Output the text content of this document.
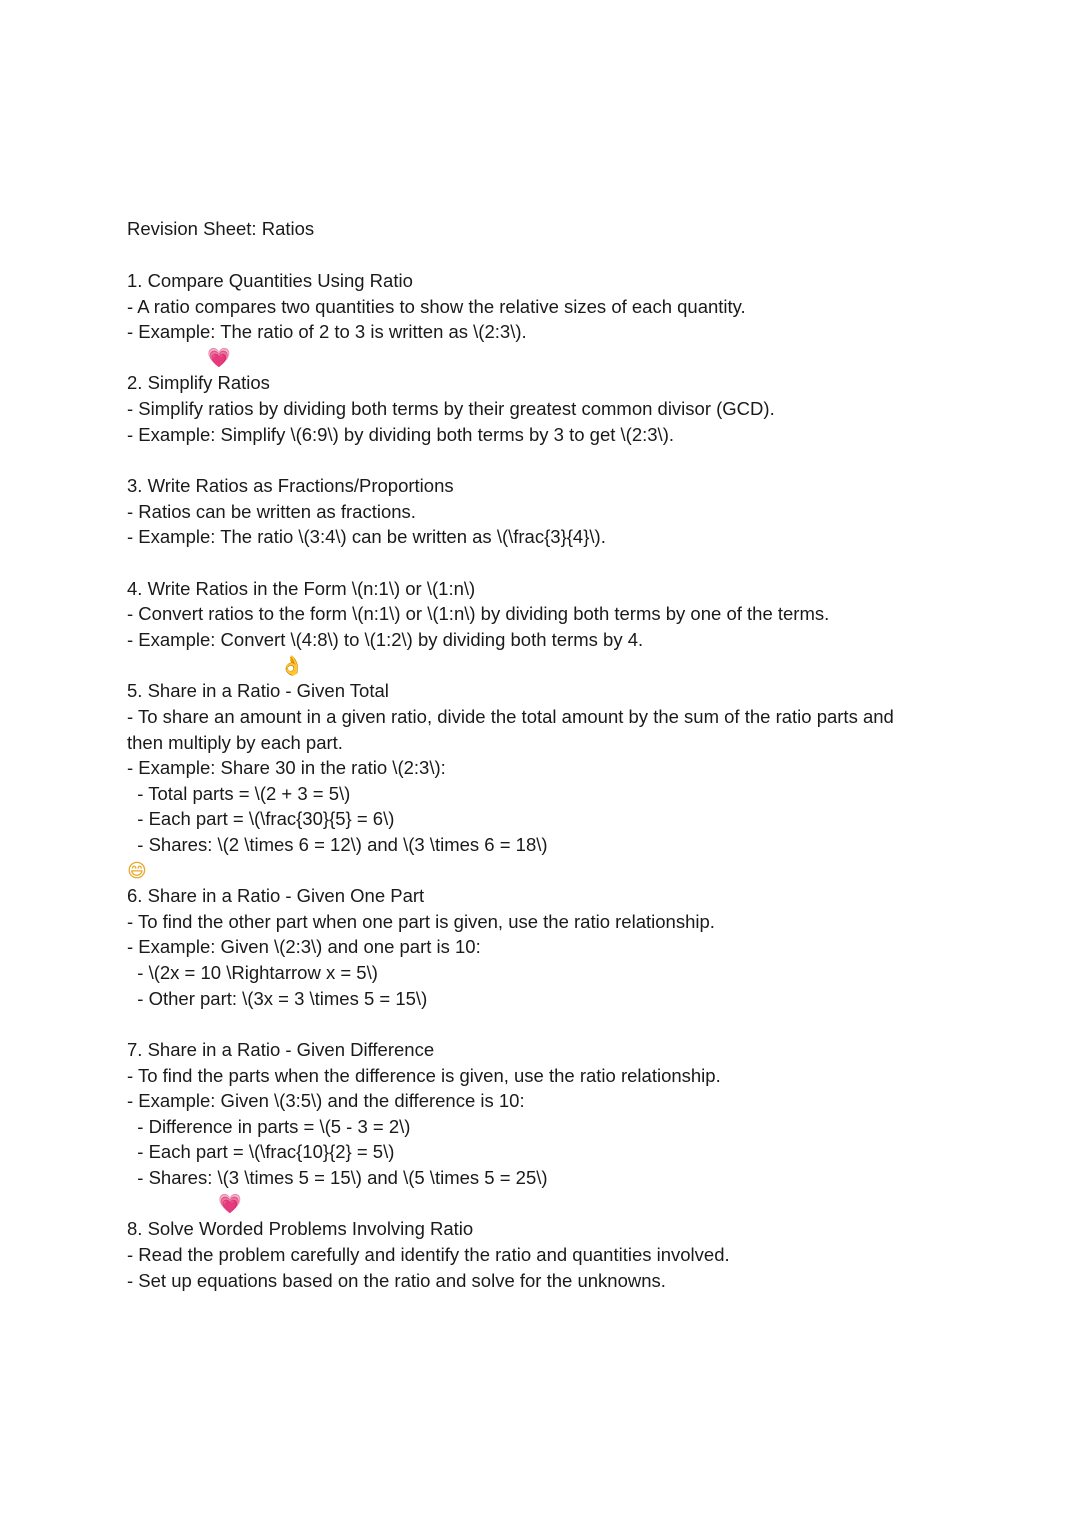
Revision Sheet: Ratios
1. Compare Quantities Using Ratio
- A ratio compares two quantities to show the relative sizes of each quantity.
- Example: The ratio of 2 to 3 is written as \(2:3\).
💗
2. Simplify Ratios
- Simplify ratios by dividing both terms by their greatest common divisor (GCD).
- Example: Simplify \(6:9\) by dividing both terms by 3 to get \(2:3\).
3. Write Ratios as Fractions/Proportions
- Ratios can be written as fractions.
- Example: The ratio \(3:4\) can be written as \(\frac{3}{4}\).
4. Write Ratios in the Form \(n:1\) or \(1:n\)
- Convert ratios to the form \(n:1\) or \(1:n\) by dividing both terms by one of the terms.
- Example: Convert \(4:8\) to \(1:2\) by dividing both terms by 4.
👌
5. Share in a Ratio - Given Total
- To share an amount in a given ratio, divide the total amount by the sum of the ratio parts and
then multiply by each part.
- Example: Share 30 in the ratio \(2:3\):
- Total parts = \(2 + 3 = 5\)
- Each part = \(\frac{30}{5} = 6\)
- Shares: \(2 \times 6 = 12\) and \(3 \times 6 = 18\)
😄
6. Share in a Ratio - Given One Part
- To find the other part when one part is given, use the ratio relationship.
- Example: Given \(2:3\) and one part is 10:
- \(2x = 10 \Rightarrow x = 5\)
- Other part: \(3x = 3 \times 5 = 15\)
7. Share in a Ratio - Given Difference
- To find the parts when the difference is given, use the ratio relationship.
- Example: Given \(3:5\) and the difference is 10:
- Difference in parts = \(5 - 3 = 2\)
- Each part = \(\frac{10}{2} = 5\)
- Shares: \(3 \times 5 = 15\) and \(5 \times 5 = 25\)
💗
8. Solve Worded Problems Involving Ratio
- Read the problem carefully and identify the ratio and quantities involved.
- Set up equations based on the ratio and solve for the unknowns.
